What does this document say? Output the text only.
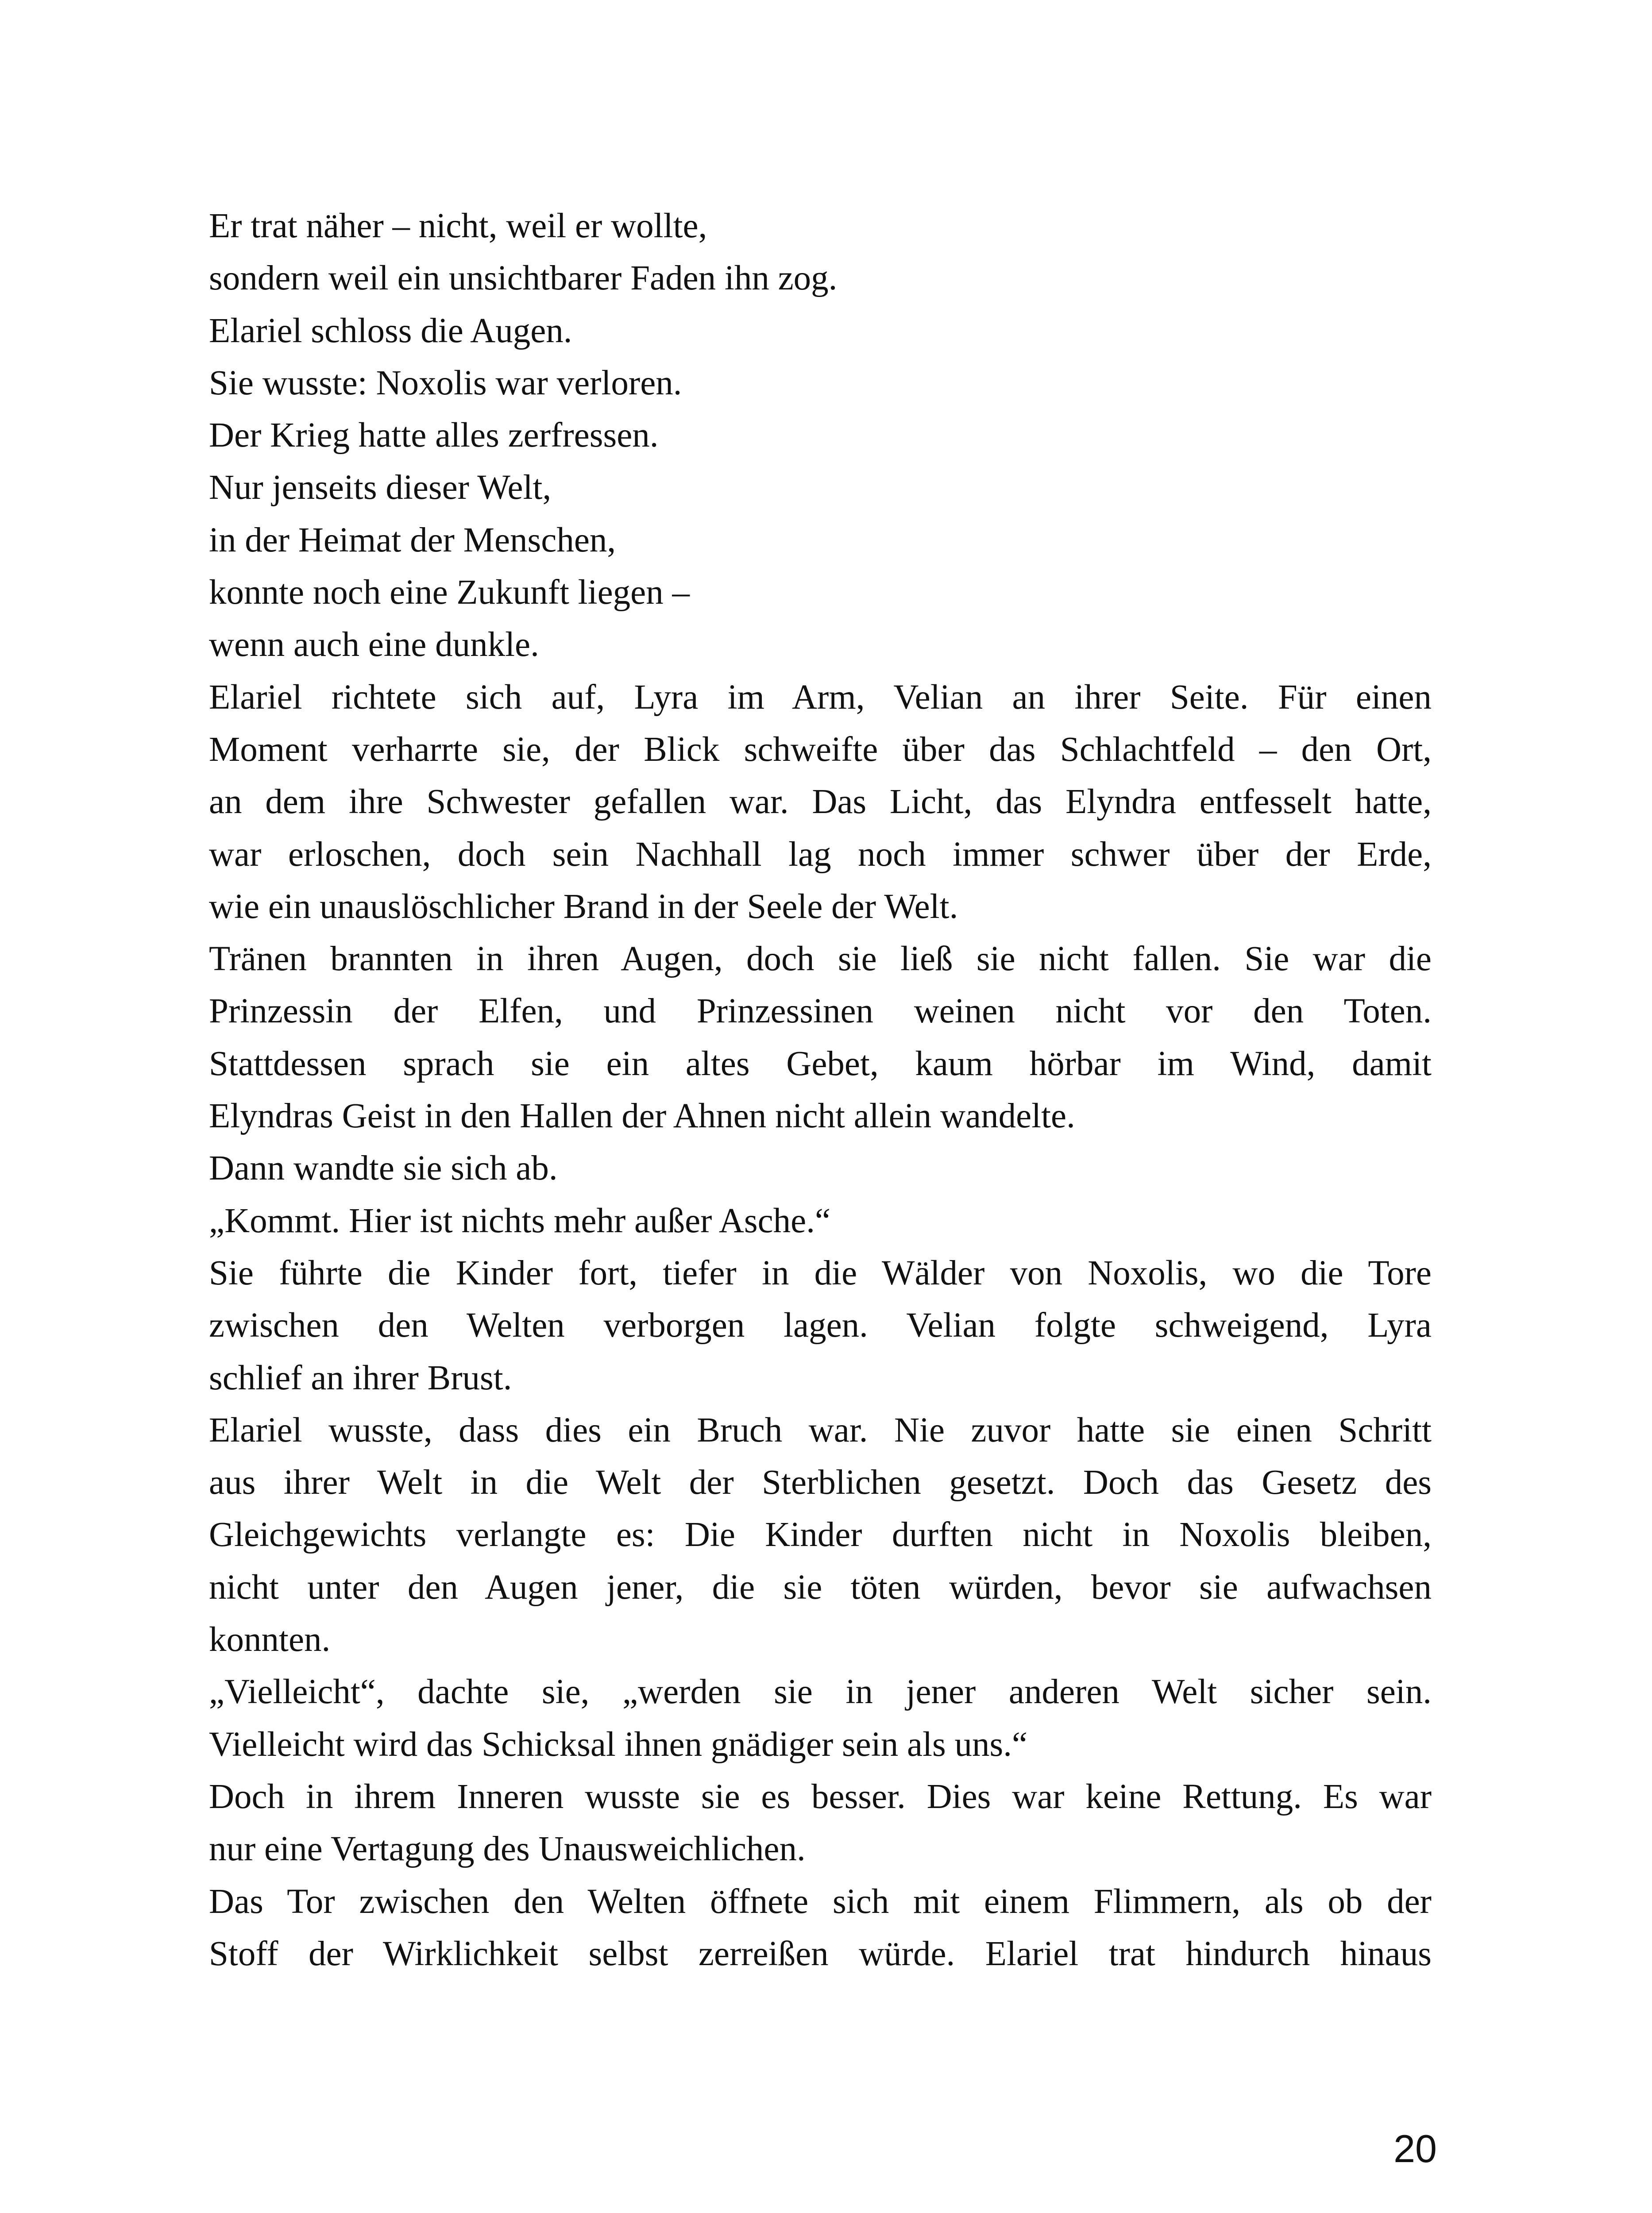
Er trat näher – nicht, weil er wollte,
sondern weil ein unsichtbarer Faden ihn zog.
Elariel schloss die Augen.
Sie wusste: Noxolis war verloren.
Der Krieg hatte alles zerfressen.
Nur jenseits dieser Welt,
in der Heimat der Menschen,
konnte noch eine Zukunft liegen –
wenn auch eine dunkle.
Elariel richtete sich auf, Lyra im Arm, Velian an ihrer Seite. Für einen
Moment verharrte sie, der Blick schweifte über das Schlachtfeld – den Ort,
an dem ihre Schwester gefallen war. Das Licht, das Elyndra entfesselt hatte,
war erloschen, doch sein Nachhall lag noch immer schwer über der Erde,
wie ein unauslöschlicher Brand in der Seele der Welt.
Tränen brannten in ihren Augen, doch sie ließ sie nicht fallen. Sie war die
Prinzessin der Elfen, und Prinzessinen weinen nicht vor den Toten.
Stattdessen sprach sie ein altes Gebet, kaum hörbar im Wind, damit
Elyndras Geist in den Hallen der Ahnen nicht allein wandelte.
Dann wandte sie sich ab.
„Kommt. Hier ist nichts mehr außer Asche.“
Sie führte die Kinder fort, tiefer in die Wälder von Noxolis, wo die Tore
zwischen den Welten verborgen lagen. Velian folgte schweigend, Lyra
schlief an ihrer Brust.
Elariel wusste, dass dies ein Bruch war. Nie zuvor hatte sie einen Schritt
aus ihrer Welt in die Welt der Sterblichen gesetzt. Doch das Gesetz des
Gleichgewichts verlangte es: Die Kinder durften nicht in Noxolis bleiben,
nicht unter den Augen jener, die sie töten würden, bevor sie aufwachsen
konnten.
„Vielleicht“, dachte sie, „werden sie in jener anderen Welt sicher sein.
Vielleicht wird das Schicksal ihnen gnädiger sein als uns.“
Doch in ihrem Inneren wusste sie es besser. Dies war keine Rettung. Es war
nur eine Vertagung des Unausweichlichen.
Das Tor zwischen den Welten öffnete sich mit einem Flimmern, als ob der
Stoff der Wirklichkeit selbst zerreißen würde. Elariel trat hindurch hinaus
20
